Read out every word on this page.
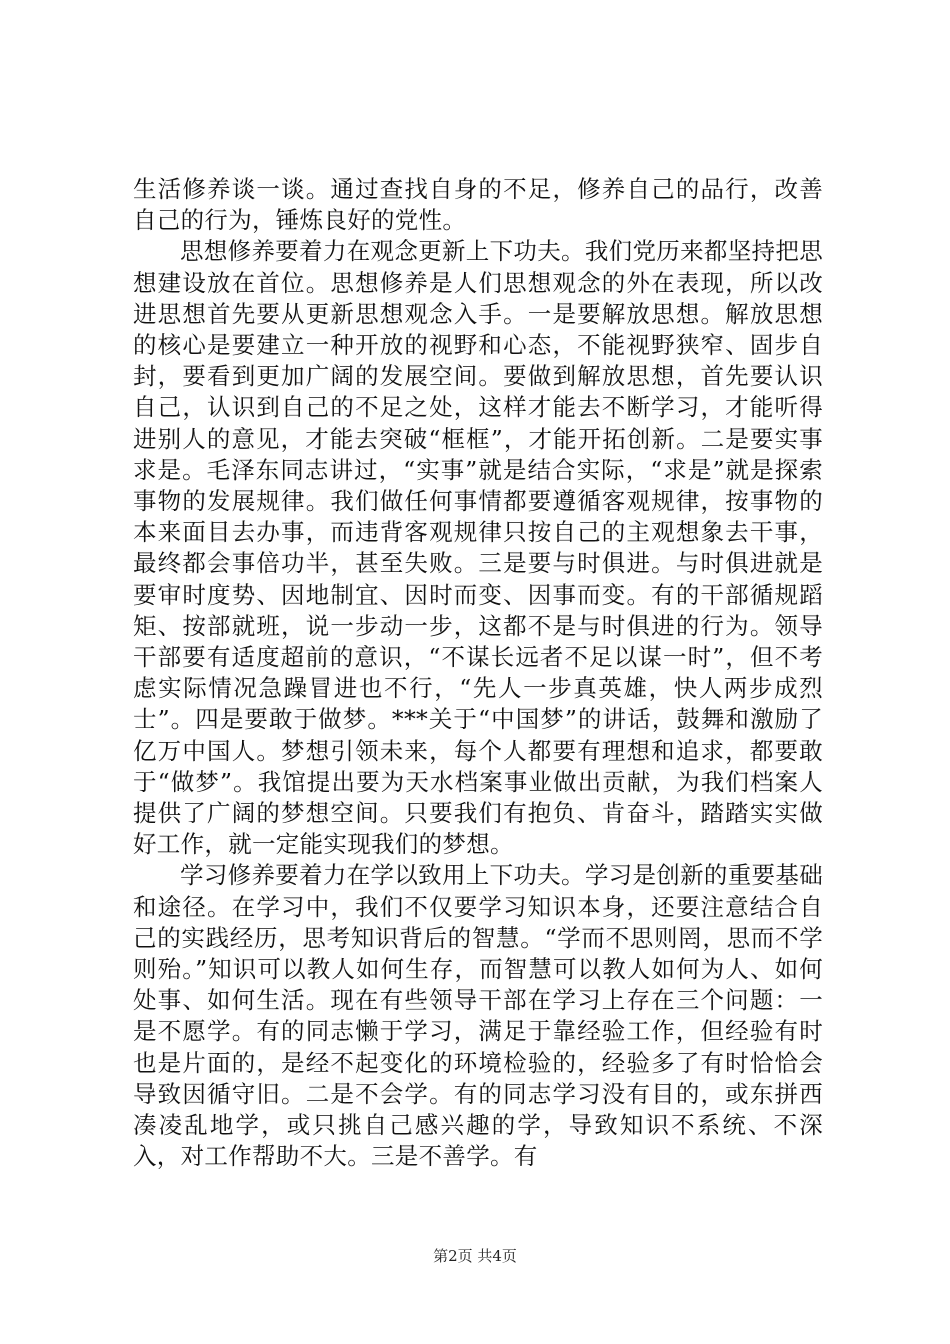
生活修养谈一谈。通过查找自身的不足，修养自己的品行，改善自己的行为，锤炼良好的党性。

思想修养要着力在观念更新上下功夫。我们党历来都坚持把思想建设放在首位。思想修养是人们思想观念的外在表现，所以改进思想首先要从更新思想观念入手。一是要解放思想。解放思想的核心是要建立一种开放的视野和心态，不能视野狭窄、固步自封，要看到更加广阔的发展空间。要做到解放思想，首先要认识自己，认识到自己的不足之处，这样才能去不断学习，才能听得进别人的意见，才能去突破“框框”，才能开拓创新。二是要实事求是。毛泽东同志讲过，“实事”就是结合实际，“求是”就是探索事物的发展规律。我们做任何事情都要遵循客观规律，按事物的本来面目去办事，而违背客观规律只按自己的主观想象去干事，最终都会事倍功半，甚至失败。三是要与时俱进。与时俱进就是要审时度势、因地制宜、因时而变、因事而变。有的干部循规蹈矩、按部就班，说一步动一步，这都不是与时俱进的行为。领导干部要有适度超前的意识，“不谋长远者不足以谋一时”，但不考虑实际情况急躁冒进也不行，“先人一步真英雄，快人两步成烈士”。四是要敢于做梦。***关于“中国梦”的讲话，鼓舞和激励了亿万中国人。梦想引领未来，每个人都要有理想和追求，都要敢于“做梦”。我馆提出要为天水档案事业做出贡献，为我们档案人提供了广阔的梦想空间。只要我们有抱负、肯奋斗，踏踏实实做好工作，就一定能实现我们的梦想。

学习修养要着力在学以致用上下功夫。学习是创新的重要基础和途径。在学习中，我们不仅要学习知识本身，还要注意结合自己的实践经历，思考知识背后的智慧。“学而不思则罔，思而不学则殆。”知识可以教人如何生存，而智慧可以教人如何为人、如何处事、如何生活。现在有些领导干部在学习上存在三个问题：一是不愿学。有的同志懒于学习，满足于靠经验工作，但经验有时也是片面的，是经不起变化的环境检验的，经验多了有时恰恰会导致因循守旧。二是不会学。有的同志学习没有目的，或东拼西凑凌乱地学，或只挑自己感兴趣的学，导致知识不系统、不深入，对工作帮助不大。三是不善学。有

第2页 共4页
